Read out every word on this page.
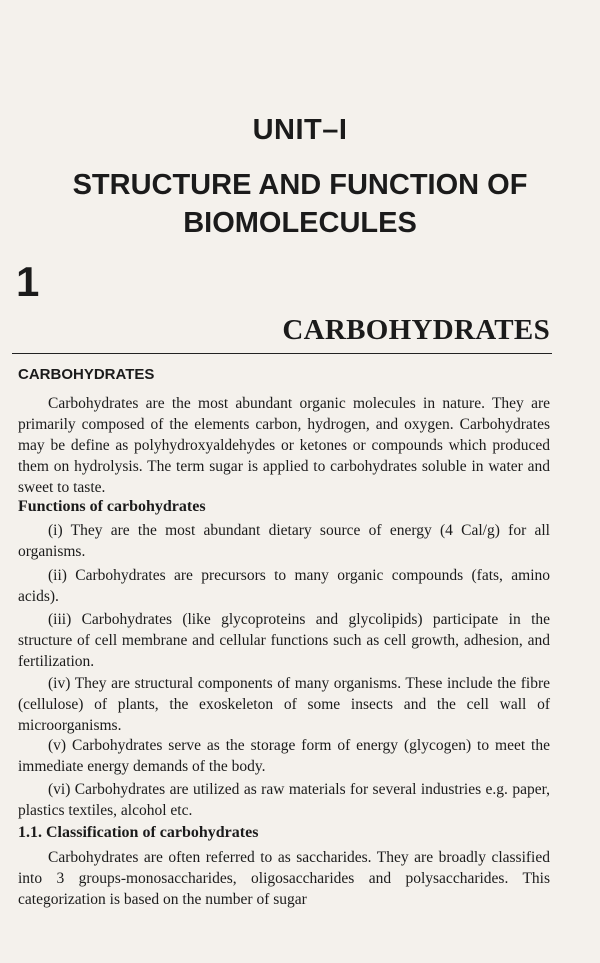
UNIT–I
STRUCTURE AND FUNCTION OF
BIOMOLECULES
1
CARBOHYDRATES
CARBOHYDRATES

Carbohydrates are the most abundant organic molecules in nature. They are primarily composed of the elements carbon, hydrogen, and oxygen. Carbohydrates may be define as polyhydroxyaldehydes or ketones or compounds which produced them on hydrolysis. The term sugar is applied to carbohydrates soluble in water and sweet to taste.

Functions of carbohydrates

(i) They are the most abundant dietary source of energy (4 Cal/g) for all organisms.

(ii) Carbohydrates are precursors to many organic compounds (fats, amino acids).

(iii) Carbohydrates (like glycoproteins and glycolipids) participate in the structure of cell membrane and cellular functions such as cell growth, adhesion, and fertilization.

(iv) They are structural components of many organisms. These include the fibre (cellulose) of plants, the exoskeleton of some insects and the cell wall of microorganisms.

(v) Carbohydrates serve as the storage form of energy (glycogen) to meet the immediate energy demands of the body.

(vi) Carbohydrates are utilized as raw materials for several industries e.g. paper, plastics textiles, alcohol etc.

1.1. Classification of carbohydrates

Carbohydrates are often referred to as saccharides. They are broadly classified into 3 groups-monosaccharides, oligosaccharides and polysaccharides. This categorization is based on the number of sugar
